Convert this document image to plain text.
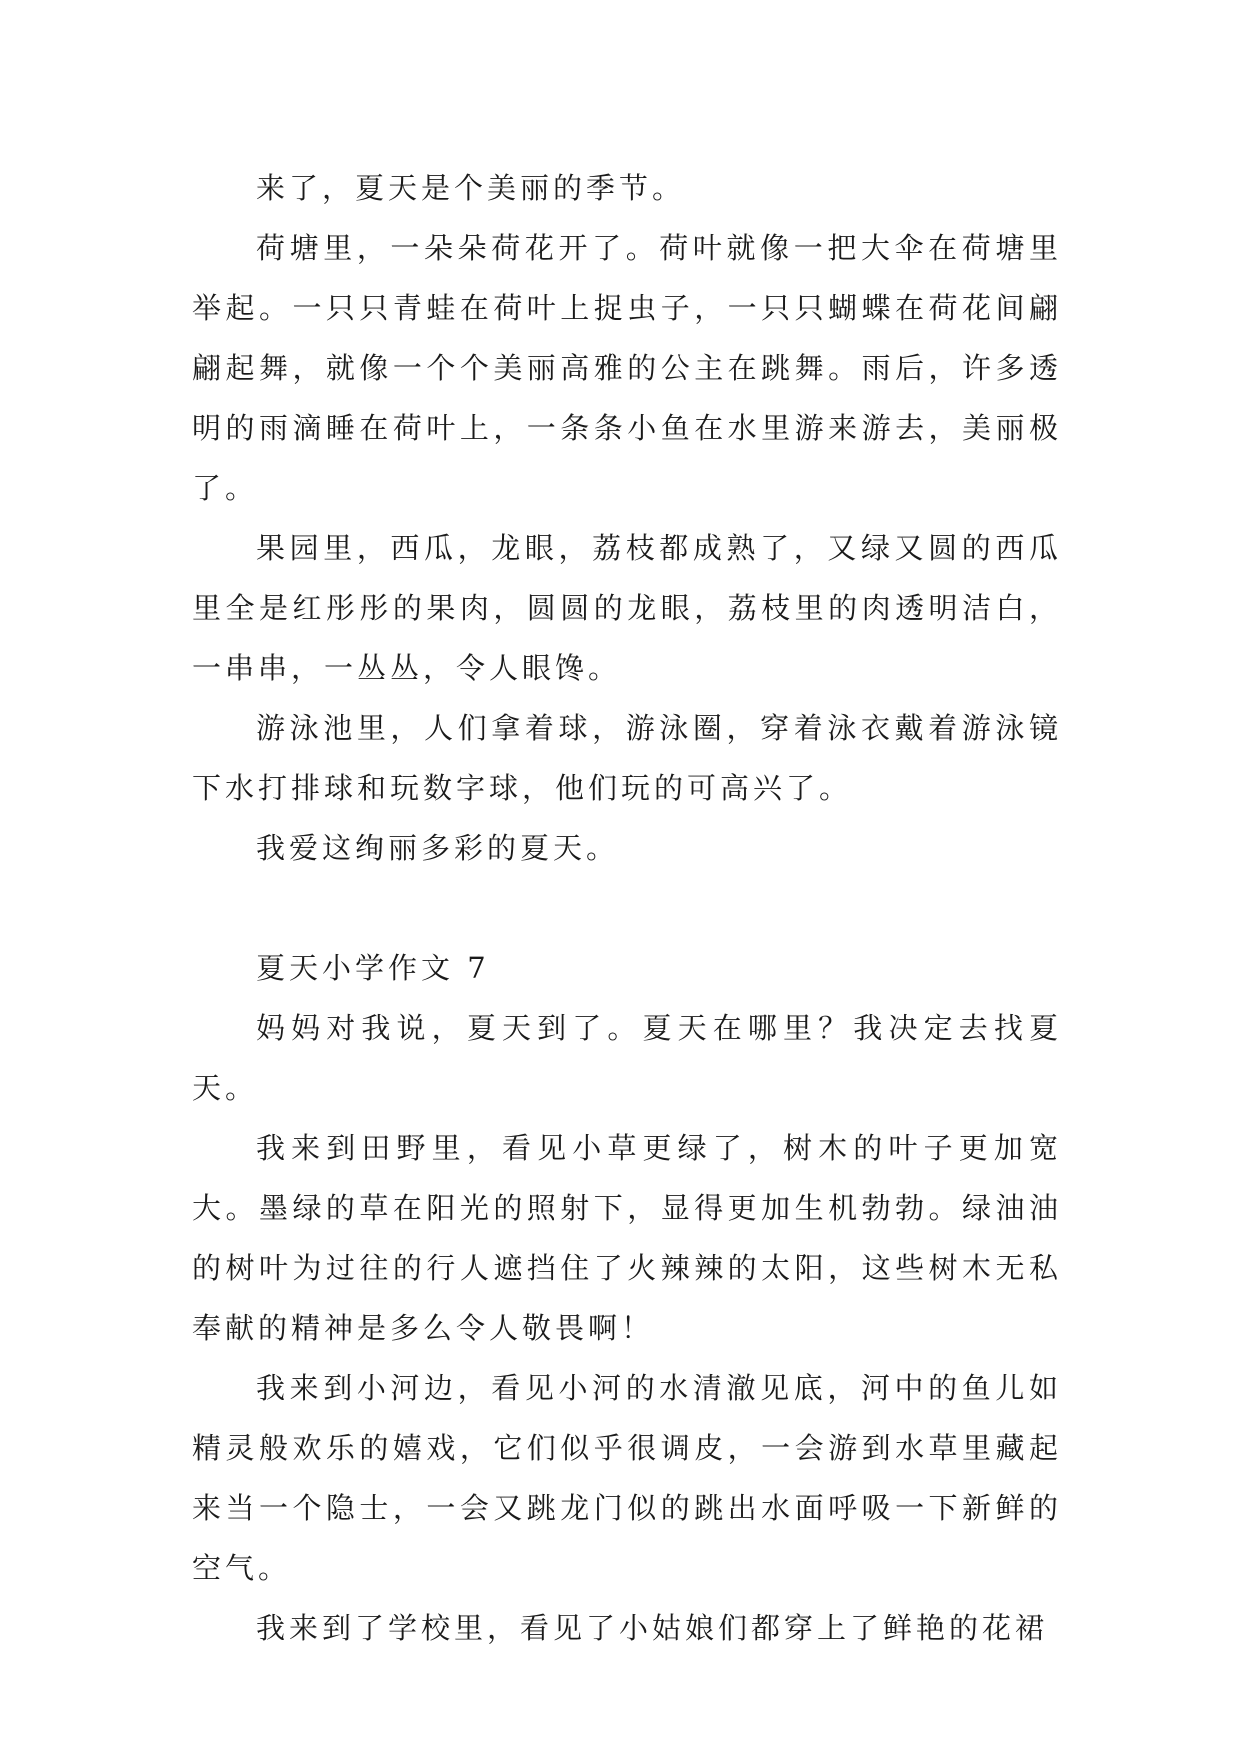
来了，夏天是个美丽的季节。

荷塘里，一朵朵荷花开了。荷叶就像一把大伞在荷塘里举起。一只只青蛙在荷叶上捉虫子，一只只蝴蝶在荷花间翩翩起舞，就像一个个美丽高雅的公主在跳舞。雨后，许多透明的雨滴睡在荷叶上，一条条小鱼在水里游来游去，美丽极了。

果园里，西瓜，龙眼，荔枝都成熟了，又绿又圆的西瓜里全是红彤彤的果肉，圆圆的龙眼，荔枝里的肉透明洁白，一串串，一丛丛，令人眼馋。

游泳池里，人们拿着球，游泳圈，穿着泳衣戴着游泳镜下水打排球和玩数字球，他们玩的可高兴了。

我爱这绚丽多彩的夏天。

夏天小学作文 7

妈妈对我说，夏天到了。夏天在哪里？我决定去找夏天。

我来到田野里，看见小草更绿了，树木的叶子更加宽大。墨绿的草在阳光的照射下，显得更加生机勃勃。绿油油的树叶为过往的行人遮挡住了火辣辣的太阳，这些树木无私奉献的精神是多么令人敬畏啊！

我来到小河边，看见小河的水清澈见底，河中的鱼儿如精灵般欢乐的嬉戏，它们似乎很调皮，一会游到水草里藏起来当一个隐士，一会又跳龙门似的跳出水面呼吸一下新鲜的空气。

我来到了学校里，看见了小姑娘们都穿上了鲜艳的花裙
